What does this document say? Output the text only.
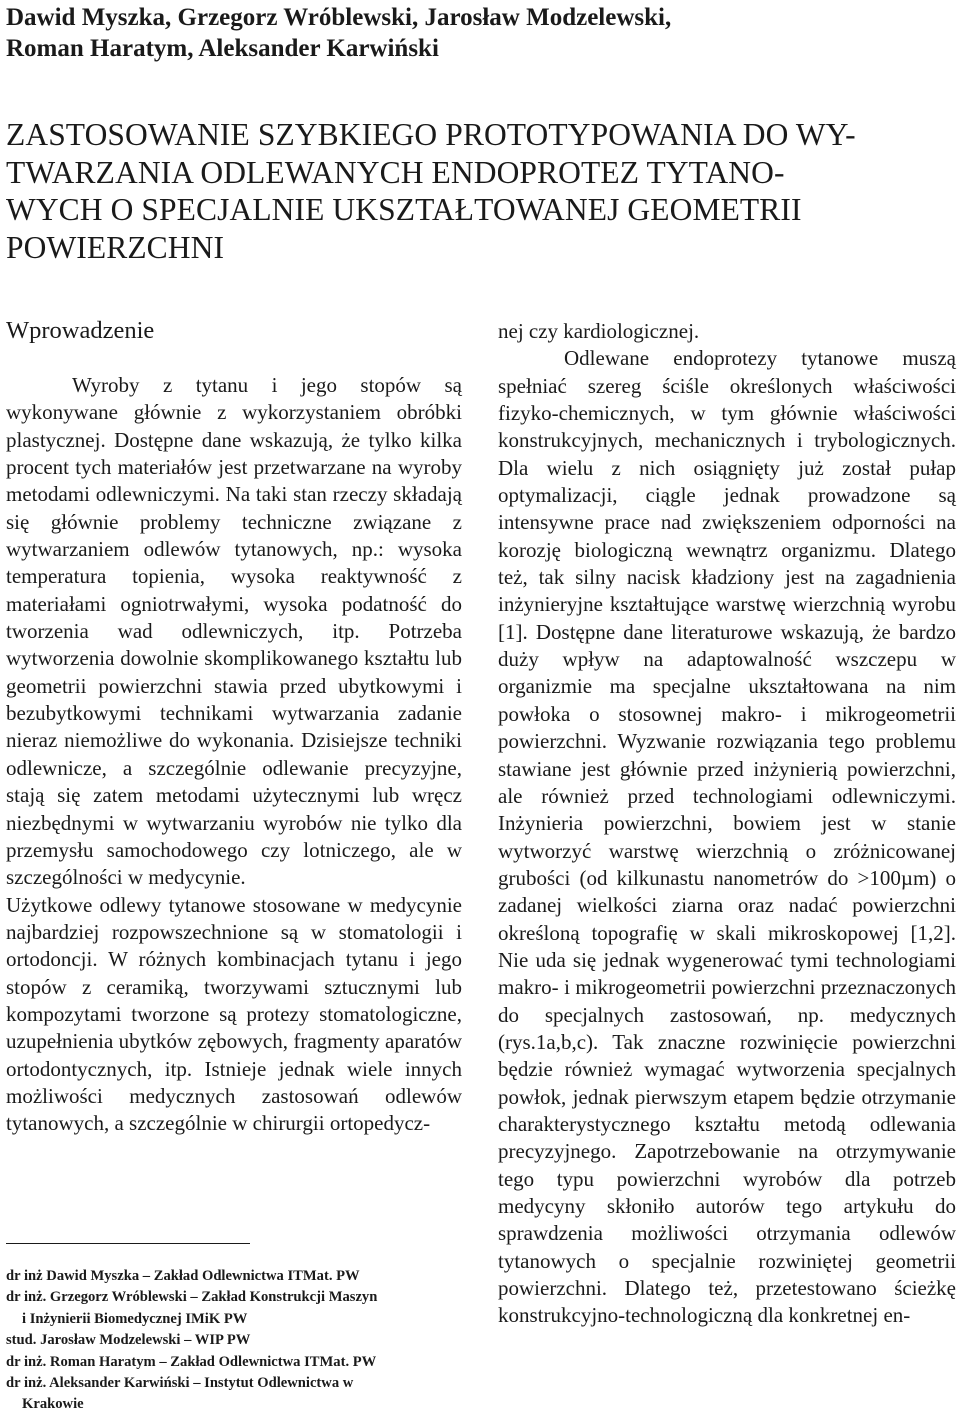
Dawid Myszka, Grzegorz Wróblewski, Jarosław Modzelewski,
Roman Haratym, Aleksander Karwiński
ZASTOSOWANIE SZYBKIEGO PROTOTYPOWANIA DO WY-
TWARZANIA ODLEWANYCH ENDOPROTEZ TYTANO-
WYCH O SPECJALNIE UKSZTAŁTOWANEJ GEOMETRII
POWIERZCHNI
Wprowadzenie

Wyroby z tytanu i jego stopów są wykonywane głównie z wykorzystaniem obróbki plastycznej. Dostępne dane wskazują, że tylko kilka procent tych materiałów jest przetwarzane na wyroby metodami odlewniczymi. Na taki stan rzeczy składają się głównie problemy techniczne związane z wytwarzaniem odlewów tytanowych, np.: wysoka temperatura topienia, wysoka reaktywność z materiałami ogniotrwałymi, wysoka podatność do tworzenia wad odlewniczych, itp. Potrzeba wytworzenia dowolnie skomplikowanego kształtu lub geometrii powierzchni stawia przed ubytkowymi i bezubytkowymi technikami wytwarzania zadanie nieraz niemożliwe do wykonania. Dzisiejsze techniki odlewnicze, a szczególnie odlewanie precyzyjne, stają się zatem metodami użytecznymi lub wręcz niezbędnymi w wytwarzaniu wyrobów nie tylko dla przemysłu samochodowego czy lotniczego, ale w szczególności w medycynie.

Użytkowe odlewy tytanowe stosowane w medycynie najbardziej rozpowszechnione są w stomatologii i ortodoncji. W różnych kombinacjach tytanu i jego stopów z ceramiką, tworzywami sztucznymi lub kompozytami tworzone są protezy stomatologiczne, uzupełnienia ubytków zębowych, fragmenty aparatów ortodontycznych, itp. Istnieje jednak wiele innych możliwości medycznych zastosowań odlewów tytanowych, a szczególnie w chirurgii ortopedycz-

nej czy kardiologicznej.

Odlewane endoprotezy tytanowe muszą spełniać szereg ściśle określonych właściwości fizyko-chemicznych, w tym głównie właściwości konstrukcyjnych, mechanicznych i trybologicznych. Dla wielu z nich osiągnięty już został pułap optymalizacji, ciągle jednak prowadzone są intensywne prace nad zwiększeniem odporności na korozję biologiczną wewnątrz organizmu. Dlatego też, tak silny nacisk kładziony jest na zagadnienia inżynieryjne kształtujące warstwę wierzchnią wyrobu [1]. Dostępne dane literaturowe wskazują, że bardzo duży wpływ na adaptowalność wszczepu w organizmie ma specjalne ukształtowana na nim powłoka o stosownej makro- i mikrogeometrii powierzchni. Wyzwanie rozwiązania tego problemu stawiane jest głównie przed inżynierią powierzchni, ale również przed technologiami odlewniczymi. Inżynieria powierzchni, bowiem jest w stanie wytworzyć warstwę wierzchnią o zróżnicowanej grubości (od kilkunastu nanometrów do >100µm) o zadanej wielkości ziarna oraz nadać powierzchni określoną topografię w skali mikroskopowej [1,2]. Nie uda się jednak wygenerować tymi technologiami makro- i mikrogeometrii powierzchni przeznaczonych do specjalnych zastosowań, np. medycznych (rys.1a,b,c). Tak znaczne rozwinięcie powierzchni będzie również wymagać wytworzenia specjalnych powłok, jednak pierwszym etapem będzie otrzymanie charakterystycznego kształtu metodą odlewania precyzyjnego. Zapotrzebowanie na otrzymywanie tego typu powierzchni wyrobów dla potrzeb medycyny skłoniło autorów tego artykułu do sprawdzenia możliwości otrzymania odlewów tytanowych o specjalnie rozwiniętej geometrii powierzchni. Dlatego też, przetestowano ścieżkę konstrukcyjno-technologiczną dla konkretnej en-

dr inż Dawid Myszka – Zakład Odlewnictwa ITMat. PW

dr inż. Grzegorz Wróblewski – Zakład Konstrukcji Maszyn

i Inżynierii Biomedycznej IMiK PW

stud. Jarosław Modzelewski – WIP PW

dr inż. Roman Haratym – Zakład Odlewnictwa ITMat. PW

dr inż. Aleksander Karwiński – Instytut Odlewnictwa w

Krakowie
